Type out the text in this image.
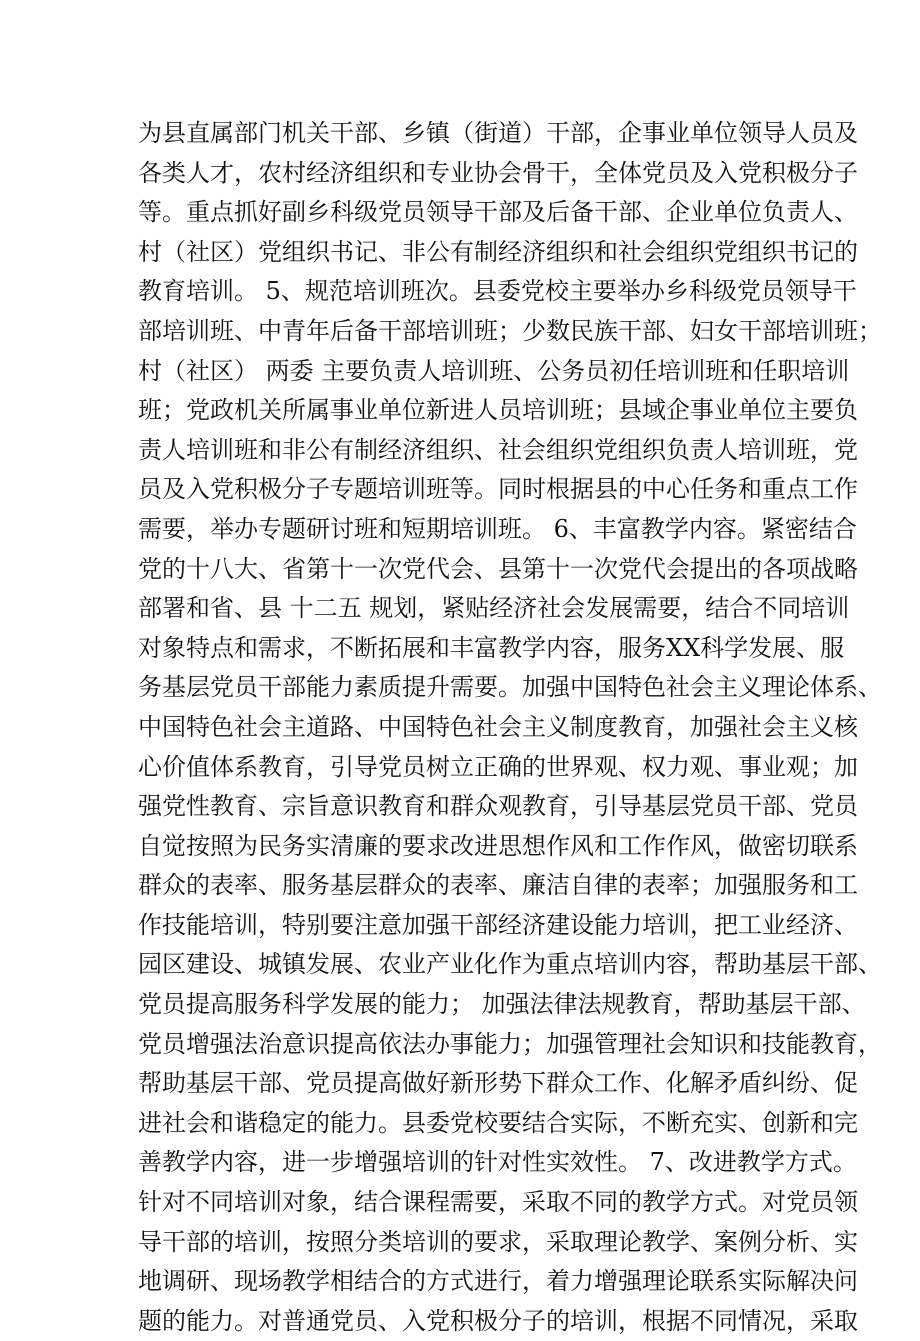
为县直属部门机关干部、乡镇（街道）干部，企事业单位领导人员及
各类人才，农村经济组织和专业协会骨干，全体党员及入党积极分子
等。重点抓好副乡科级党员领导干部及后备干部、企业单位负责人、
村（社区）党组织书记、非公有制经济组织和社会组织党组织书记的
教育培训。 5、规范培训班次。县委党校主要举办乡科级党员领导干
部培训班、中青年后备干部培训班；少数民族干部、妇女干部培训班；
村（社区） 两委 主要负责人培训班、公务员初任培训班和任职培训
班；党政机关所属事业单位新进人员培训班；县域企事业单位主要负
责人培训班和非公有制经济组织、社会组织党组织负责人培训班，党
员及入党积极分子专题培训班等。同时根据县的中心任务和重点工作
需要，举办专题研讨班和短期培训班。 6、丰富教学内容。紧密结合
党的十八大、省第十一次党代会、县第十一次党代会提出的各项战略
部署和省、县 十二五 规划，紧贴经济社会发展需要，结合不同培训
对象特点和需求，不断拓展和丰富教学内容，服务XX科学发展、服
务基层党员干部能力素质提升需要。加强中国特色社会主义理论体系、
中国特色社会主道路、中国特色社会主义制度教育，加强社会主义核
心价值体系教育，引导党员树立正确的世界观、权力观、事业观；加
强党性教育、宗旨意识教育和群众观教育，引导基层党员干部、党员
自觉按照为民务实清廉的要求改进思想作风和工作作风，做密切联系
群众的表率、服务基层群众的表率、廉洁自律的表率；加强服务和工
作技能培训，特别要注意加强干部经济建设能力培训，把工业经济、
园区建设、城镇发展、农业产业化作为重点培训内容，帮助基层干部、
党员提高服务科学发展的能力； 加强法律法规教育，帮助基层干部、
党员增强法治意识提高依法办事能力；加强管理社会知识和技能教育，
帮助基层干部、党员提高做好新形势下群众工作、化解矛盾纠纷、促
进社会和谐稳定的能力。县委党校要结合实际，不断充实、创新和完
善教学内容，进一步增强培训的针对性实效性。 7、改进教学方式。
针对不同培训对象，结合课程需要，采取不同的教学方式。对党员领
导干部的培训，按照分类培训的要求，采取理论教学、案例分析、实
地调研、现场教学相结合的方式进行，着力增强理论联系实际解决问
题的能力。对普通党员、入党积极分子的培训，根据不同情况，采取
